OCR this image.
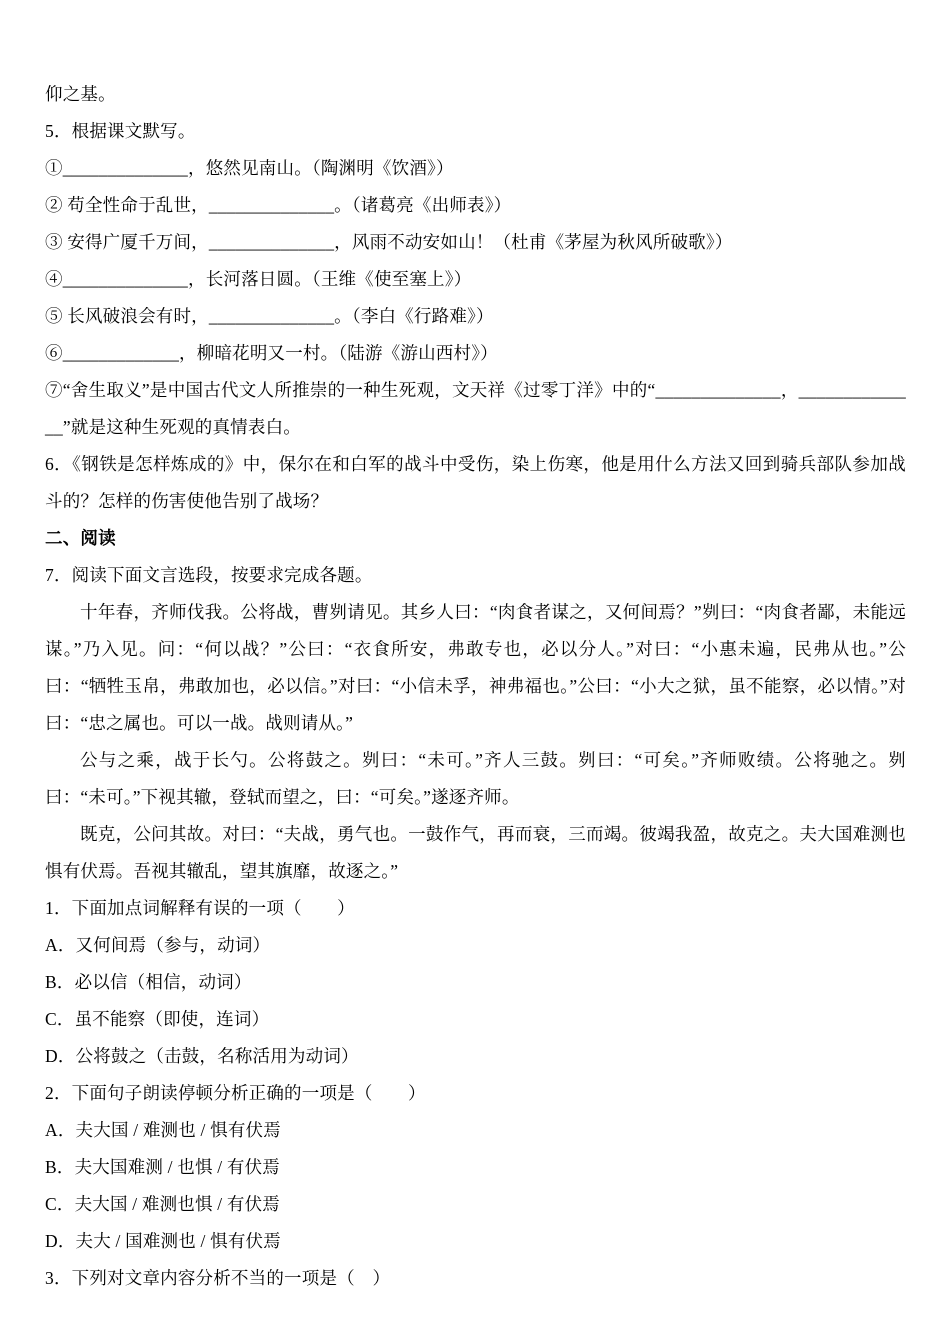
仰之基。

5．根据课文默写。

①______________，悠然见南山。（陶渊明《饮酒》）

② 苟全性命于乱世，______________。（诸葛亮《出师表》）

③ 安得广厦千万间，______________，风雨不动安如山！（杜甫《茅屋为秋风所破歌》）

④______________，长河落日圆。（王维《使至塞上》）

⑤ 长风破浪会有时，______________。（李白《行路难》）

⑥_____________，柳暗花明又一村。（陆游《游山西村》）

⑦“舍生取义”是中国古代文人所推崇的一种生死观，文天祥《过零丁洋》中的“______________，______________”就是这种生死观的真情表白。

6．《钢铁是怎样炼成的》中，保尔在和白军的战斗中受伤，染上伤寒，他是用什么方法又回到骑兵部队参加战斗的？怎样的伤害使他告别了战场？

二、阅读

7．阅读下面文言选段，按要求完成各题。

十年春，齐师伐我。公将战，曹刿请见。其乡人曰：“肉食者谋之，又何间焉？”刿曰：“肉食者鄙，未能远谋。”乃入见。问：“何以战？”公曰：“衣食所安，弗敢专也，必以分人。”对曰：“小惠未遍，民弗从也。”公曰：“牺牲玉帛，弗敢加也，必以信。”对曰：“小信未孚，神弗福也。”公曰：“小大之狱，虽不能察，必以情。”对曰：“忠之属也。可以一战。战则请从。”

公与之乘，战于长勺。公将鼓之。刿曰：“未可。”齐人三鼓。刿曰：“可矣。”齐师败绩。公将驰之。刿曰：“未可。”下视其辙，登轼而望之，曰：“可矣。”遂逐齐师。

既克，公问其故。对曰：“夫战，勇气也。一鼓作气，再而衰，三而竭。彼竭我盈，故克之。夫大国难测也惧有伏焉。吾视其辙乱，望其旗靡，故逐之。”

1．下面加点词解释有误的一项（　　）

A．又何间焉（参与，动词）

B．必以信（相信，动词）

C．虽不能察（即使，连词）

D．公将鼓之（击鼓，名称活用为动词）

2．下面句子朗读停顿分析正确的一项是（　　）

A．夫大国 / 难测也 / 惧有伏焉

B．夫大国难测 / 也惧 / 有伏焉

C．夫大国 / 难测也惧 / 有伏焉

D．夫大 / 国难测也 / 惧有伏焉

3．下列对文章内容分析不当的一项是（　）
